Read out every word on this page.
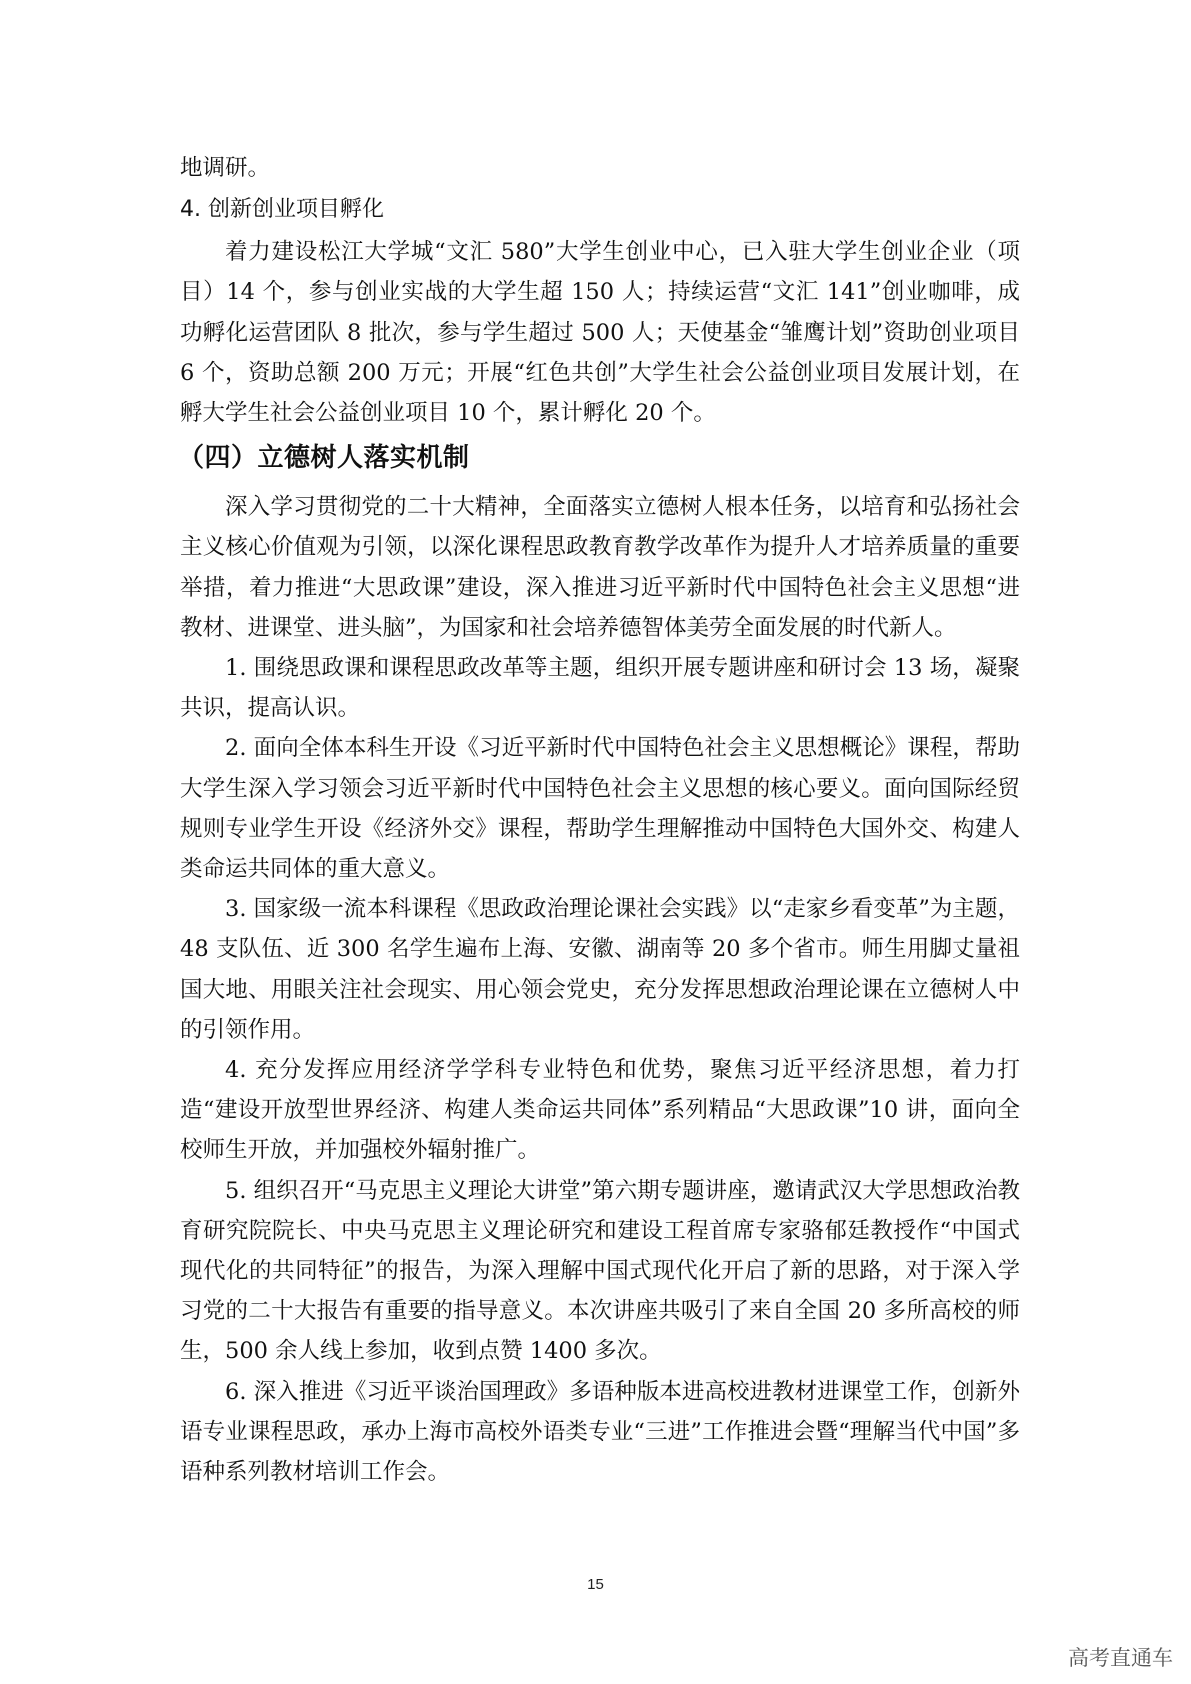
地调研。

4. 创新创业项目孵化

着力建设松江大学城“文汇 580”大学生创业中心，已入驻大学生创业企业（项目）14 个，参与创业实战的大学生超 150 人；持续运营“文汇 141”创业咖啡，成功孵化运营团队 8 批次，参与学生超过 500 人；天使基金“雏鹰计划”资助创业项目 6 个，资助总额 200 万元；开展“红色共创”大学生社会公益创业项目发展计划，在孵大学生社会公益创业项目 10 个，累计孵化 20 个。

（四）立德树人落实机制

深入学习贯彻党的二十大精神，全面落实立德树人根本任务，以培育和弘扬社会主义核心价值观为引领，以深化课程思政教育教学改革作为提升人才培养质量的重要举措，着力推进“大思政课”建设，深入推进习近平新时代中国特色社会主义思想“进教材、进课堂、进头脑”，为国家和社会培养德智体美劳全面发展的时代新人。

1. 围绕思政课和课程思政改革等主题，组织开展专题讲座和研讨会 13 场，凝聚共识，提高认识。

2. 面向全体本科生开设《习近平新时代中国特色社会主义思想概论》课程，帮助大学生深入学习领会习近平新时代中国特色社会主义思想的核心要义。面向国际经贸规则专业学生开设《经济外交》课程，帮助学生理解推动中国特色大国外交、构建人类命运共同体的重大意义。

3. 国家级一流本科课程《思政政治理论课社会实践》以“走家乡看变革”为主题，48 支队伍、近 300 名学生遍布上海、安徽、湖南等 20 多个省市。师生用脚丈量祖国大地、用眼关注社会现实、用心领会党史，充分发挥思想政治理论课在立德树人中的引领作用。

4. 充分发挥应用经济学学科专业特色和优势，聚焦习近平经济思想，着力打造“建设开放型世界经济、构建人类命运共同体”系列精品“大思政课”10 讲，面向全校师生开放，并加强校外辐射推广。

5. 组织召开“马克思主义理论大讲堂”第六期专题讲座，邀请武汉大学思想政治教育研究院院长、中央马克思主义理论研究和建设工程首席专家骆郁廷教授作“中国式现代化的共同特征”的报告，为深入理解中国式现代化开启了新的思路，对于深入学习党的二十大报告有重要的指导意义。本次讲座共吸引了来自全国 20 多所高校的师生，500 余人线上参加，收到点赞 1400 多次。

6. 深入推进《习近平谈治国理政》多语种版本进高校进教材进课堂工作，创新外语专业课程思政，承办上海市高校外语类专业“三进”工作推进会暨“理解当代中国”多语种系列教材培训工作会。

15
高考直通车
